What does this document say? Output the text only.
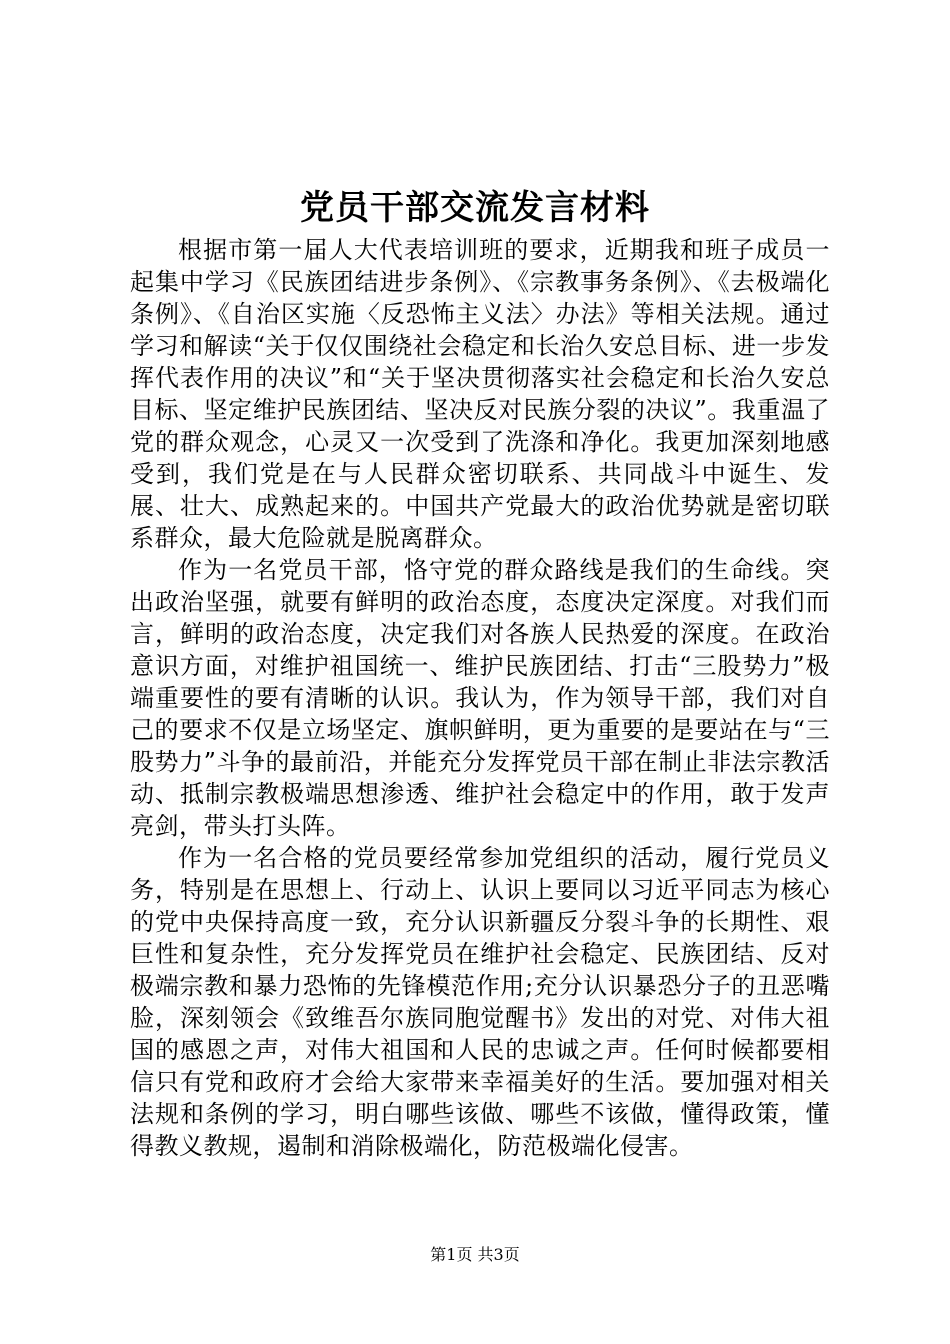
党员干部交流发言材料

根据市第一届人大代表培训班的要求，近期我和班子成员一起集中学习《民族团结进步条例》、《宗教事务条例》、《去极端化条例》、《自治区实施〈反恐怖主义法〉办法》等相关法规。通过学习和解读“关于仅仅围绕社会稳定和长治久安总目标、进一步发挥代表作用的决议”和“关于坚决贯彻落实社会稳定和长治久安总目标、坚定维护民族团结、坚决反对民族分裂的决议”。我重温了党的群众观念，心灵又一次受到了洗涤和净化。我更加深刻地感受到，我们党是在与人民群众密切联系、共同战斗中诞生、发展、壮大、成熟起来的。中国共产党最大的政治优势就是密切联系群众，最大危险就是脱离群众。

作为一名党员干部，恪守党的群众路线是我们的生命线。突出政治坚强，就要有鲜明的政治态度，态度决定深度。对我们而言，鲜明的政治态度，决定我们对各族人民热爱的深度。在政治意识方面，对维护祖国统一、维护民族团结、打击“三股势力”极端重要性的要有清晰的认识。我认为，作为领导干部，我们对自己的要求不仅是立场坚定、旗帜鲜明，更为重要的是要站在与“三股势力”斗争的最前沿，并能充分发挥党员干部在制止非法宗教活动、抵制宗教极端思想渗透、维护社会稳定中的作用，敢于发声亮剑，带头打头阵。

作为一名合格的党员要经常参加党组织的活动，履行党员义务，特别是在思想上、行动上、认识上要同以习近平同志为核心的党中央保持高度一致，充分认识新疆反分裂斗争的长期性、艰巨性和复杂性，充分发挥党员在维护社会稳定、民族团结、反对极端宗教和暴力恐怖的先锋模范作用;充分认识暴恐分子的丑恶嘴脸，深刻领会《致维吾尔族同胞觉醒书》发出的对党、对伟大祖国的感恩之声，对伟大祖国和人民的忠诚之声。任何时候都要相信只有党和政府才会给大家带来幸福美好的生活。要加强对相关法规和条例的学习，明白哪些该做、哪些不该做，懂得政策，懂得教义教规，遏制和消除极端化，防范极端化侵害。

第1页 共3页
